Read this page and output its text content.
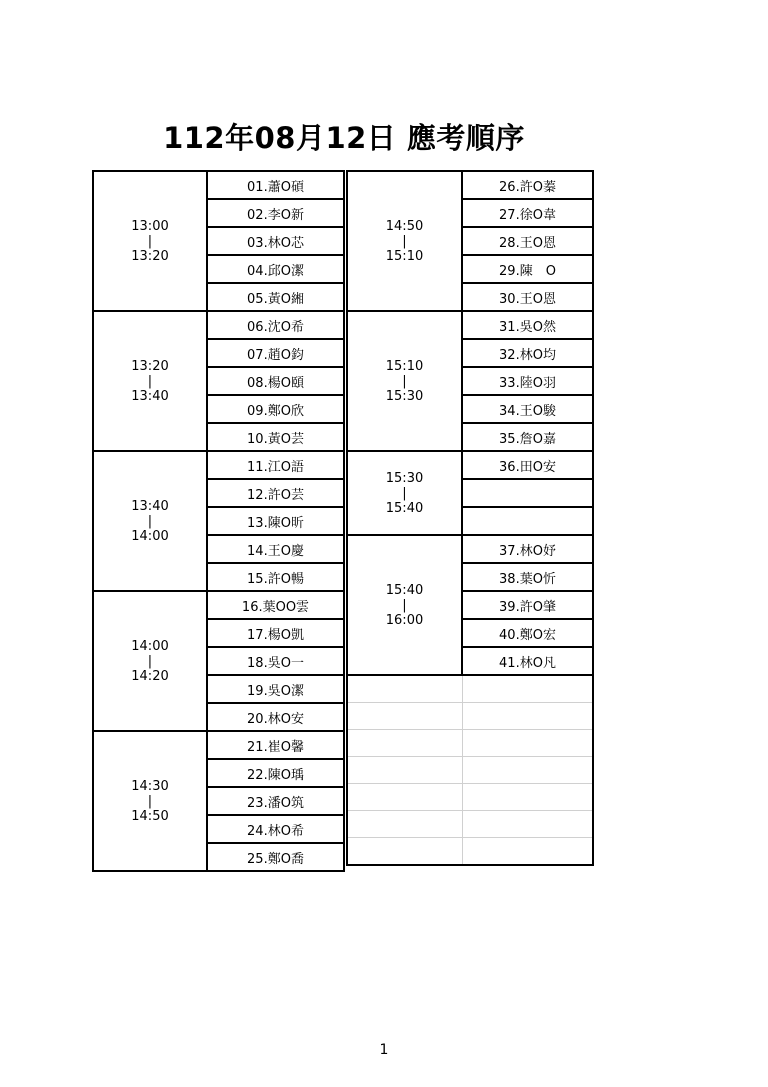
112年08月12日 應考順序
13:00
|
13:20	01.蕭O碩
	02.李O新
	03.林O芯
	04.邱O潔
	05.黃O緗

13:20
|
13:40	06.沈O希
	07.趙O鈞
	08.楊O頤
	09.鄭O欣
	10.黃O芸

13:40
|
14:00	11.江O語
	12.許O芸
	13.陳O昕
	14.王O慶
	15.許O暢

14:00
|
14:20	16.葉OO雲
	17.楊O凱
	18.吳O一
	19.吳O潔
	20.林O安

14:30
|
14:50	21.崔O馨
	22.陳O瑀
	23.潘O筑
	24.林O希
	25.鄭O喬
14:50
|
15:10	26.許O蓁
	27.徐O韋
	28.王O恩
	29.陳　O
	30.王O恩

15:10
|
15:30	31.吳O然
	32.林O均
	33.陸O羽
	34.王O駿
	35.詹O嘉

15:30
|
15:40	36.田O安

15:40
|
16:00	37.林O妤
	38.葉O忻
	39.許O肇
	40.鄭O宏
	41.林O凡

1
